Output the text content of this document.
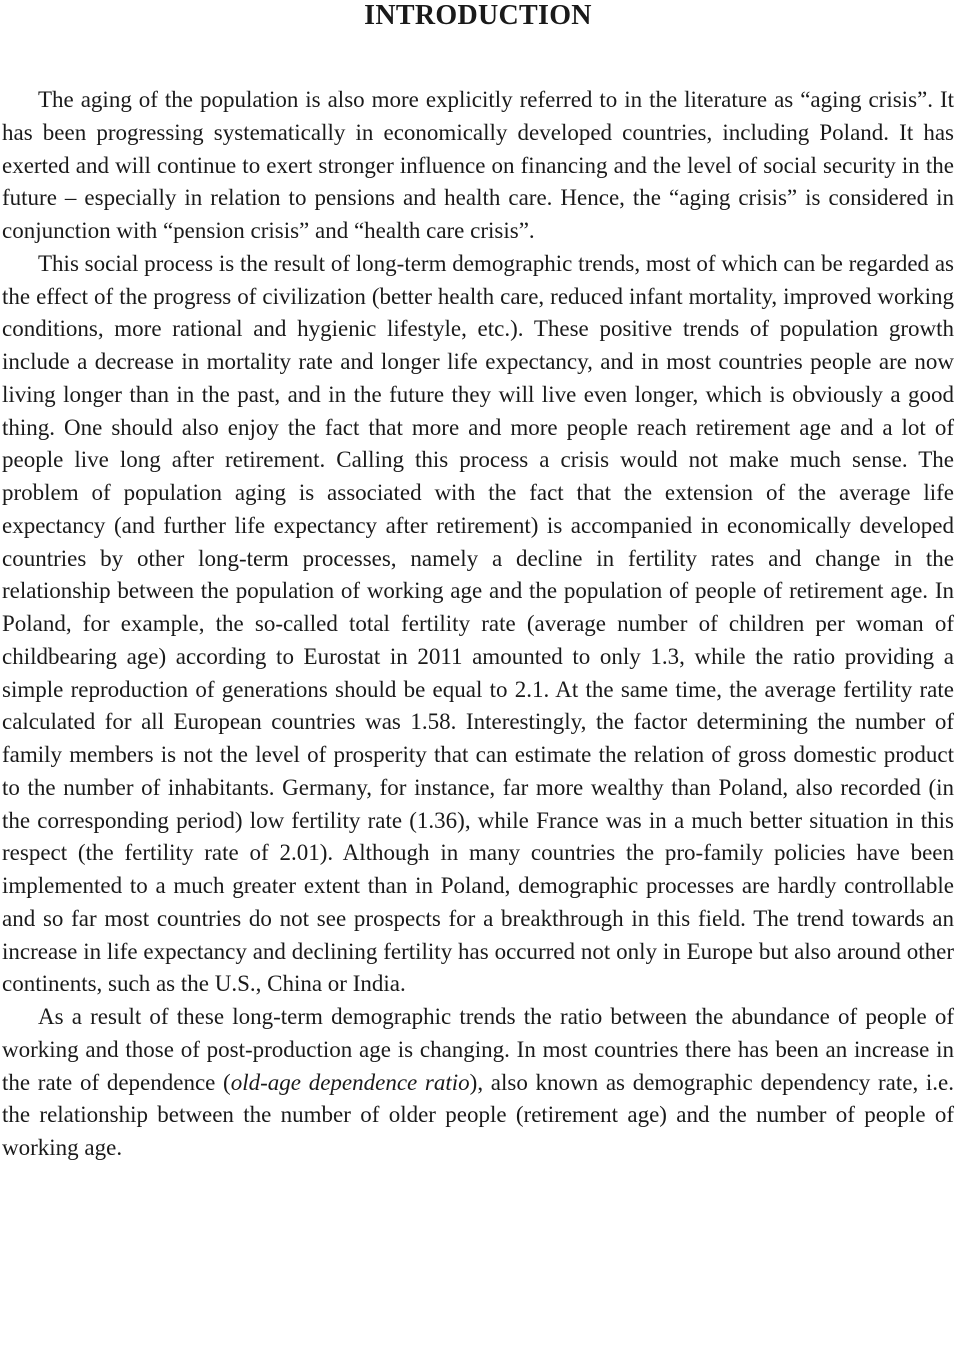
INTRODUCTION

The aging of the population is also more explicitly referred to in the literature as “aging crisis”. It has been progressing systematically in economically developed countries, including Poland. It has exerted and will continue to exert stronger influence on financing and the level of social security in the future – especially in relation to pensions and health care. Hence, the “aging crisis” is considered in conjunction with “pension crisis” and “health care crisis”.

This social process is the result of long-term demographic trends, most of which can be regarded as the effect of the progress of civilization (better health care, reduced infant mortality, improved working conditions, more rational and hygienic lifestyle, etc.). These positive trends of population growth include a decrease in mortality rate and longer life expectancy, and in most countries people are now living longer than in the past, and in the future they will live even longer, which is obviously a good thing. One should also enjoy the fact that more and more people reach retirement age and a lot of people live long after retirement. Calling this process a crisis would not make much sense. The problem of population aging is associated with the fact that the extension of the average life expectancy (and further life expectancy after retirement) is accompanied in economically developed countries by other long-term processes, namely a decline in fertility rates and change in the relationship between the population of working age and the population of people of retirement age. In Poland, for example, the so-called total fertility rate (average number of children per woman of childbearing age) according to Eurostat in 2011 amounted to only 1.3, while the ratio providing a simple reproduction of generations should be equal to 2.1. At the same time, the average fertility rate calculated for all European countries was 1.58. Interestingly, the factor determining the number of family members is not the level of prosperity that can estimate the relation of gross domestic product to the number of inhabitants. Germany, for instance, far more wealthy than Poland, also recorded (in the corresponding period) low fertility rate (1.36), while France was in a much better situation in this respect (the fertility rate of 2.01). Although in many countries the pro-family policies have been implemented to a much greater extent than in Poland, demographic processes are hardly controllable and so far most countries do not see prospects for a breakthrough in this field. The trend towards an increase in life expectancy and declining fertility has occurred not only in Europe but also around other continents, such as the U.S., China or India.

As a result of these long-term demographic trends the ratio between the abundance of people of working and those of post-production age is changing. In most countries there has been an increase in the rate of dependence (old-age dependence ratio), also known as demographic dependency rate, i.e. the relationship between the number of older people (retirement age) and the number of people of working age.
